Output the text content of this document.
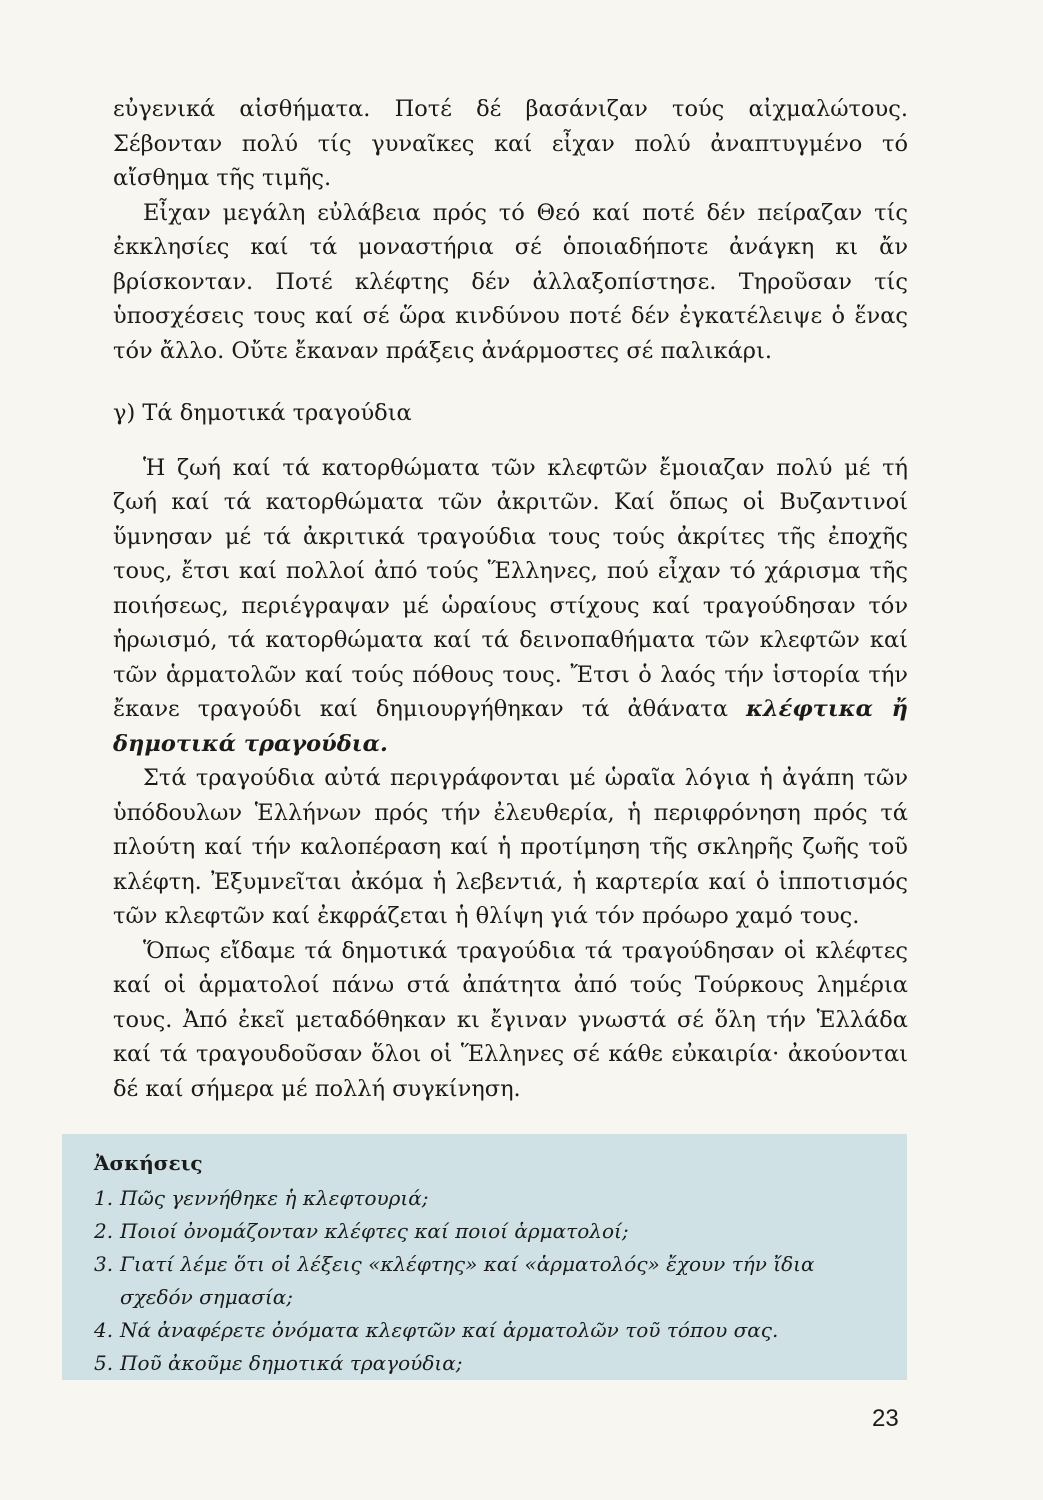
εὐγενικά αἰσθήματα. Ποτέ δέ βασάνιζαν τούς αἰχμαλώτους. Σέβονταν πολύ τίς γυναῖκες καί εἶχαν πολύ ἀναπτυγμένο τό αἴσθημα τῆς τιμῆς.

Εἶχαν μεγάλη εὐλάβεια πρός τό Θεό καί ποτέ δέν πείραζαν τίς ἐκκλησίες καί τά μοναστήρια σέ ὁποιαδήποτε ἀνάγκη κι ἄν βρίσκονταν. Ποτέ κλέφτης δέν ἀλλαξοπίστησε. Τηροῦσαν τίς ὑποσχέσεις τους καί σέ ὥρα κινδύνου ποτέ δέν ἐγκατέλειψε ὁ ἕνας τόν ἄλλο. Οὔτε ἔκαναν πράξεις ἀνάρμοστες σέ παλικάρι.

γ) Τά δημοτικά τραγούδια

Ἡ ζωή καί τά κατορθώματα τῶν κλεφτῶν ἔμοιαζαν πολύ μέ τή ζωή καί τά κατορθώματα τῶν ἀκριτῶν. Καί ὅπως οἱ Βυζαντινοί ὕμνησαν μέ τά ἀκριτικά τραγούδια τους τούς ἀκρίτες τῆς ἐποχῆς τους, ἔτσι καί πολλοί ἀπό τούς Ἕλληνες, πού εἶχαν τό χάρισμα τῆς ποιήσεως, περιέγραψαν μέ ὡραίους στίχους καί τραγούδησαν τόν ἡρωισμό, τά κατορθώματα καί τά δεινοπαθήματα τῶν κλεφτῶν καί τῶν ἁρματολῶν καί τούς πόθους τους. Ἔτσι ὁ λαός τήν ἱστορία τήν ἔκανε τραγούδι καί δημιουργήθηκαν τά ἀθάνατα κλέφτικα ἤ δημοτικά τραγούδια.

Στά τραγούδια αὐτά περιγράφονται μέ ὡραῖα λόγια ἡ ἀγάπη τῶν ὑπόδουλων Ἑλλήνων πρός τήν ἐλευθερία, ἡ περιφρόνηση πρός τά πλούτη καί τήν καλοπέραση καί ἡ προτίμηση τῆς σκληρῆς ζωῆς τοῦ κλέφτη. Ἐξυμνεῖται ἀκόμα ἡ λεβεντιά, ἡ καρτερία καί ὁ ἱπποτισμός τῶν κλεφτῶν καί ἐκφράζεται ἡ θλίψη γιά τόν πρόωρο χαμό τους.

Ὅπως εἴδαμε τά δημοτικά τραγούδια τά τραγούδησαν οἱ κλέφτες καί οἱ ἁρματολοί πάνω στά ἀπάτητα ἀπό τούς Τούρκους λημέρια τους. Ἀπό ἐκεῖ μεταδόθηκαν κι ἔγιναν γνωστά σέ ὅλη τήν Ἑλλάδα καί τά τραγουδοῦσαν ὅλοι οἱ Ἕλληνες σέ κάθε εὐκαιρία· ἀκούονται δέ καί σήμερα μέ πολλή συγκίνηση.

Ἀσκήσεις
1. Πῶς γεννήθηκε ἡ κλεφτουριά;
2. Ποιοί ὀνομάζονταν κλέφτες καί ποιοί ἁρματολοί;
3. Γιατί λέμε ὅτι οἱ λέξεις «κλέφτης» καί «ἁρματολός» ἔχουν τήν ἴδια σχεδόν σημασία;
4. Νά ἀναφέρετε ὀνόματα κλεφτῶν καί ἁρματολῶν τοῦ τόπου σας.
5. Ποῦ ἀκοῦμε δημοτικά τραγούδια;
23
